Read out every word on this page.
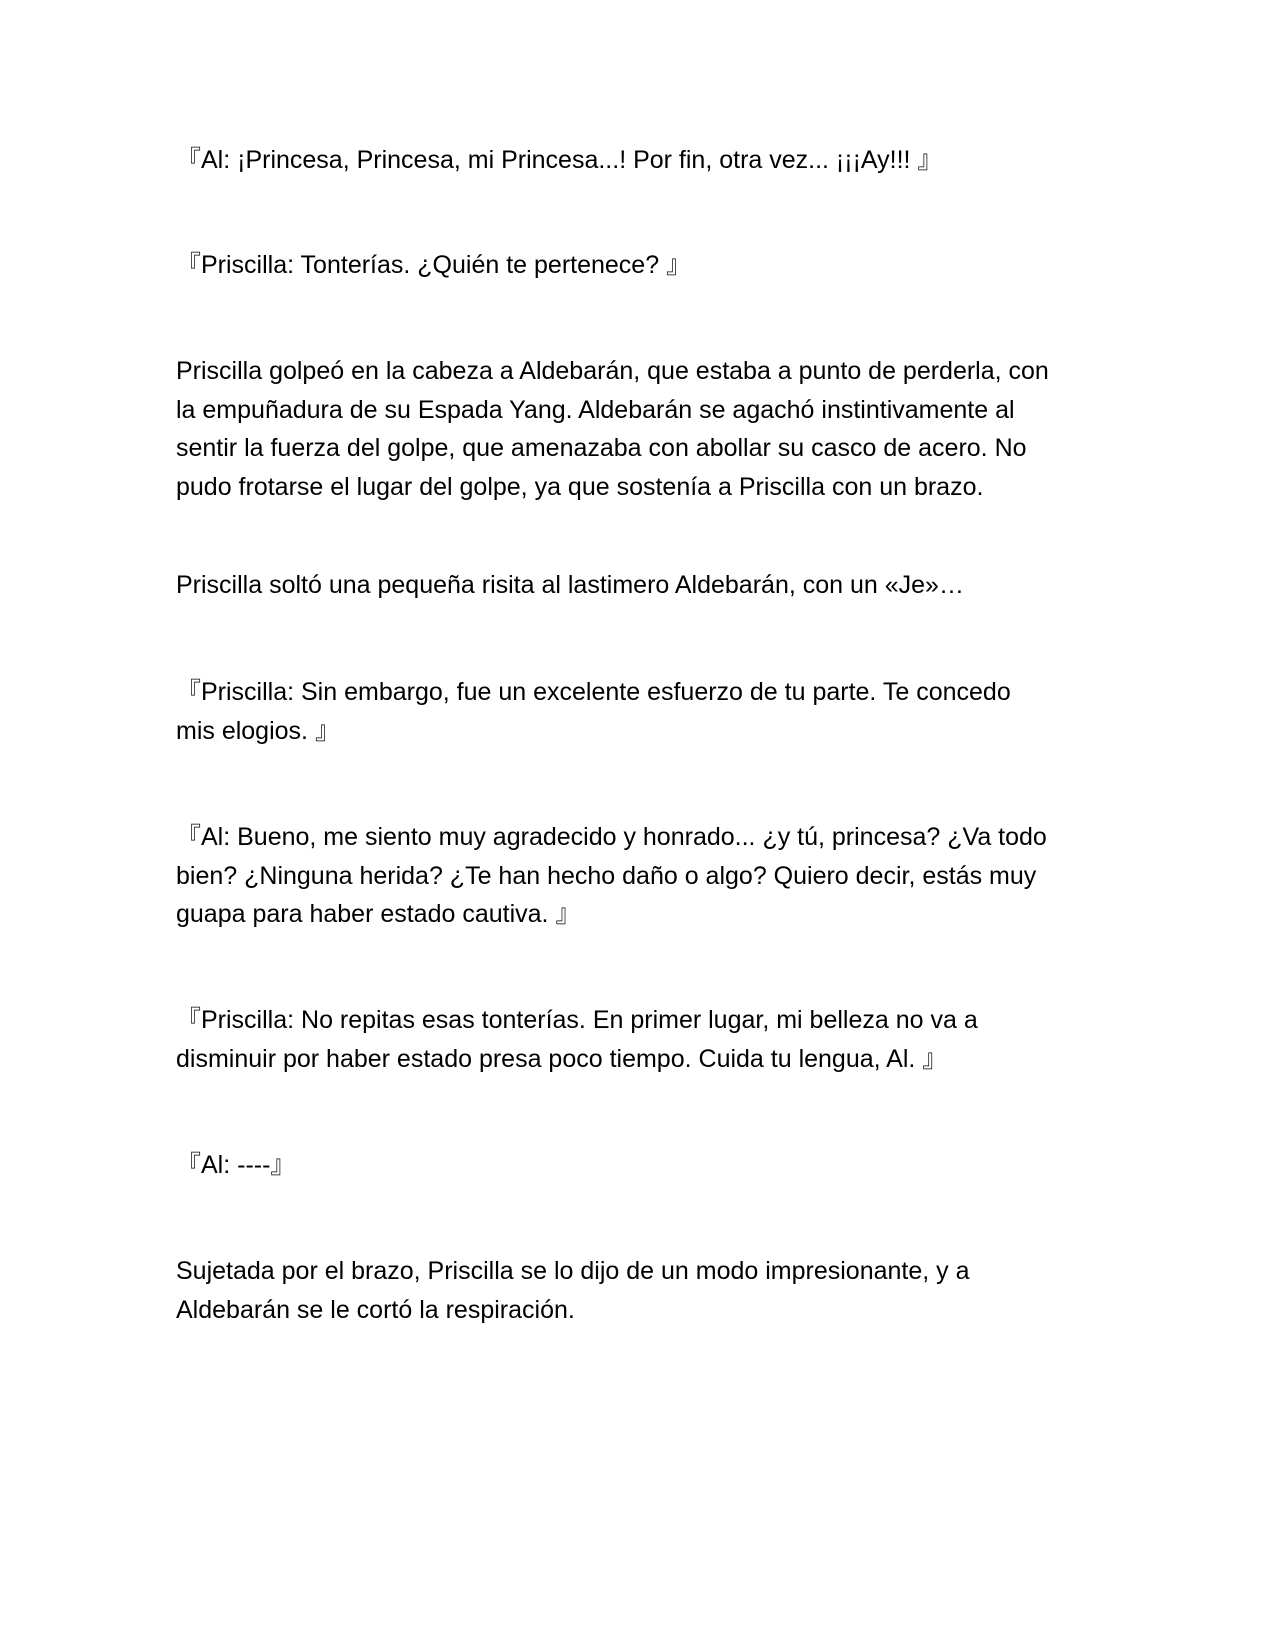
『Al: ¡Princesa, Princesa, mi Princesa...! Por fin, otra vez... ¡¡¡Ay!!! 』

『Priscilla: Tonterías. ¿Quién te pertenece? 』

Priscilla golpeó en la cabeza a Aldebarán, que estaba a punto de perderla, con
la empuñadura de su Espada Yang. Aldebarán se agachó instintivamente al
sentir la fuerza del golpe, que amenazaba con abollar su casco de acero. No
pudo frotarse el lugar del golpe, ya que sostenía a Priscilla con un brazo.

Priscilla soltó una pequeña risita al lastimero Aldebarán, con un «Je»…

『Priscilla: Sin embargo, fue un excelente esfuerzo de tu parte. Te concedo
mis elogios. 』

『Al: Bueno, me siento muy agradecido y honrado... ¿y tú, princesa? ¿Va todo
bien? ¿Ninguna herida? ¿Te han hecho daño o algo? Quiero decir, estás muy
guapa para haber estado cautiva. 』

『Priscilla: No repitas esas tonterías. En primer lugar, mi belleza no va a
disminuir por haber estado presa poco tiempo. Cuida tu lengua, Al. 』

『Al: ----』

Sujetada por el brazo, Priscilla se lo dijo de un modo impresionante, y a
Aldebarán se le cortó la respiración.
